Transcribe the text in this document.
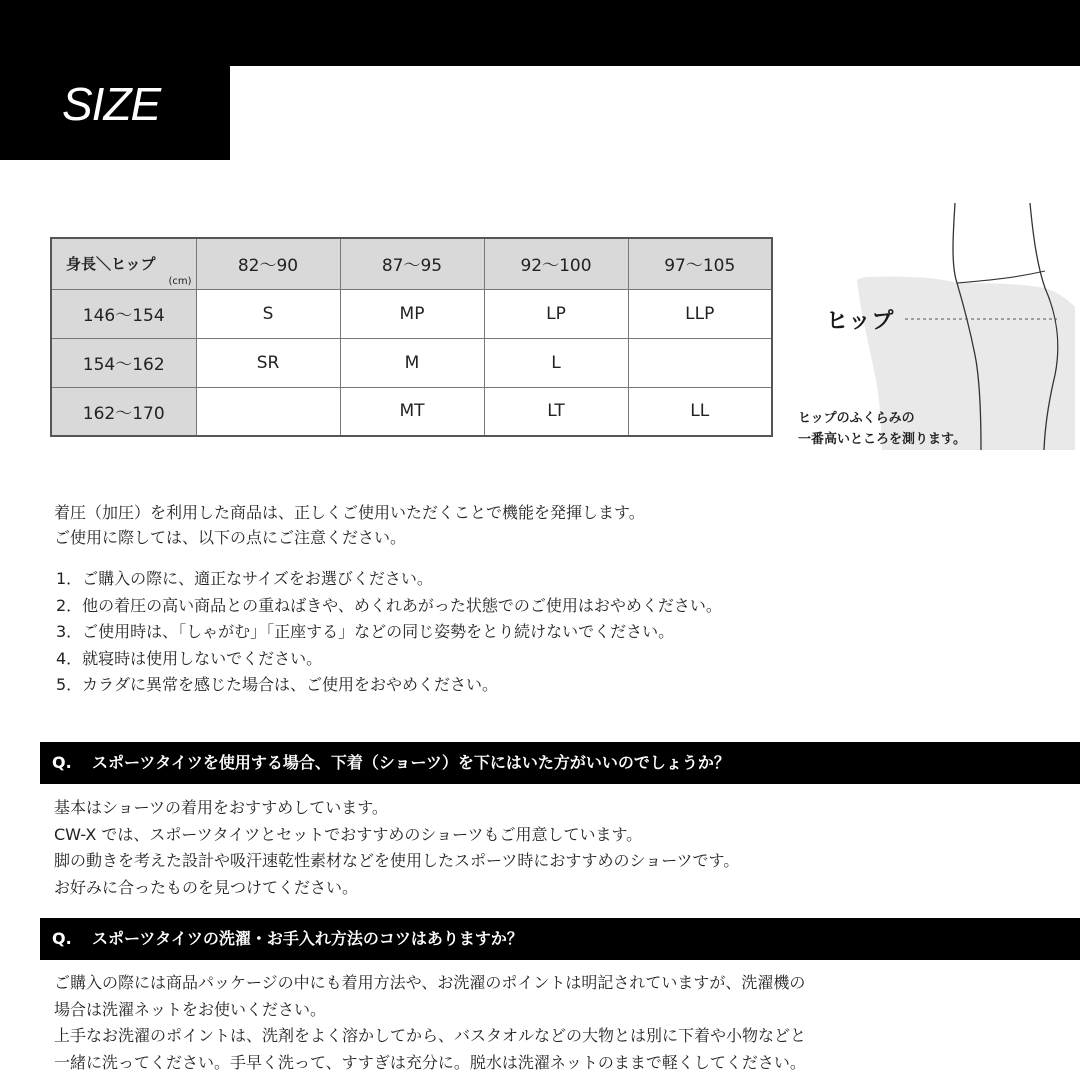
SIZE
身長＼ヒップ
(cm)	82〜90	87〜95	92〜100	97〜105
146〜154	S	MP	LP	LLP
154〜162	SR	M	L	
162〜170		MT	LT	LL
ヒップ
ヒップのふくらみの
一番高いところを測ります。
着圧（加圧）を利用した商品は、正しくご使用いただくことで機能を発揮します。
ご使用に際しては、以下の点にご注意ください。
1．ご購入の際に、適正なサイズをお選びください。
2．他の着圧の高い商品との重ねばきや、めくれあがった状態でのご使用はおやめください。
3．ご使用時は、「しゃがむ」「正座する」などの同じ姿勢をとり続けないでください。
4．就寝時は使用しないでください。
5．カラダに異常を感じた場合は、ご使用をおやめください。
Q. スポーツタイツを使用する場合、下着（ショーツ）を下にはいた方がいいのでしょうか？
基本はショーツの着用をおすすめしています。
CW-X では、スポーツタイツとセットでおすすめのショーツもご用意しています。
脚の動きを考えた設計や吸汗速乾性素材などを使用したスポーツ時におすすめのショーツです。
お好みに合ったものを見つけてください。
Q. スポーツタイツの洗濯・お手入れ方法のコツはありますか？
ご購入の際には商品パッケージの中にも着用方法や、お洗濯のポイントは明記されていますが、洗濯機の
場合は洗濯ネットをお使いください。
上手なお洗濯のポイントは、洗剤をよく溶かしてから、バスタオルなどの大物とは別に下着や小物などと
一緒に洗ってください。手早く洗って、すすぎは充分に。脱水は洗濯ネットのままで軽くしてください。
